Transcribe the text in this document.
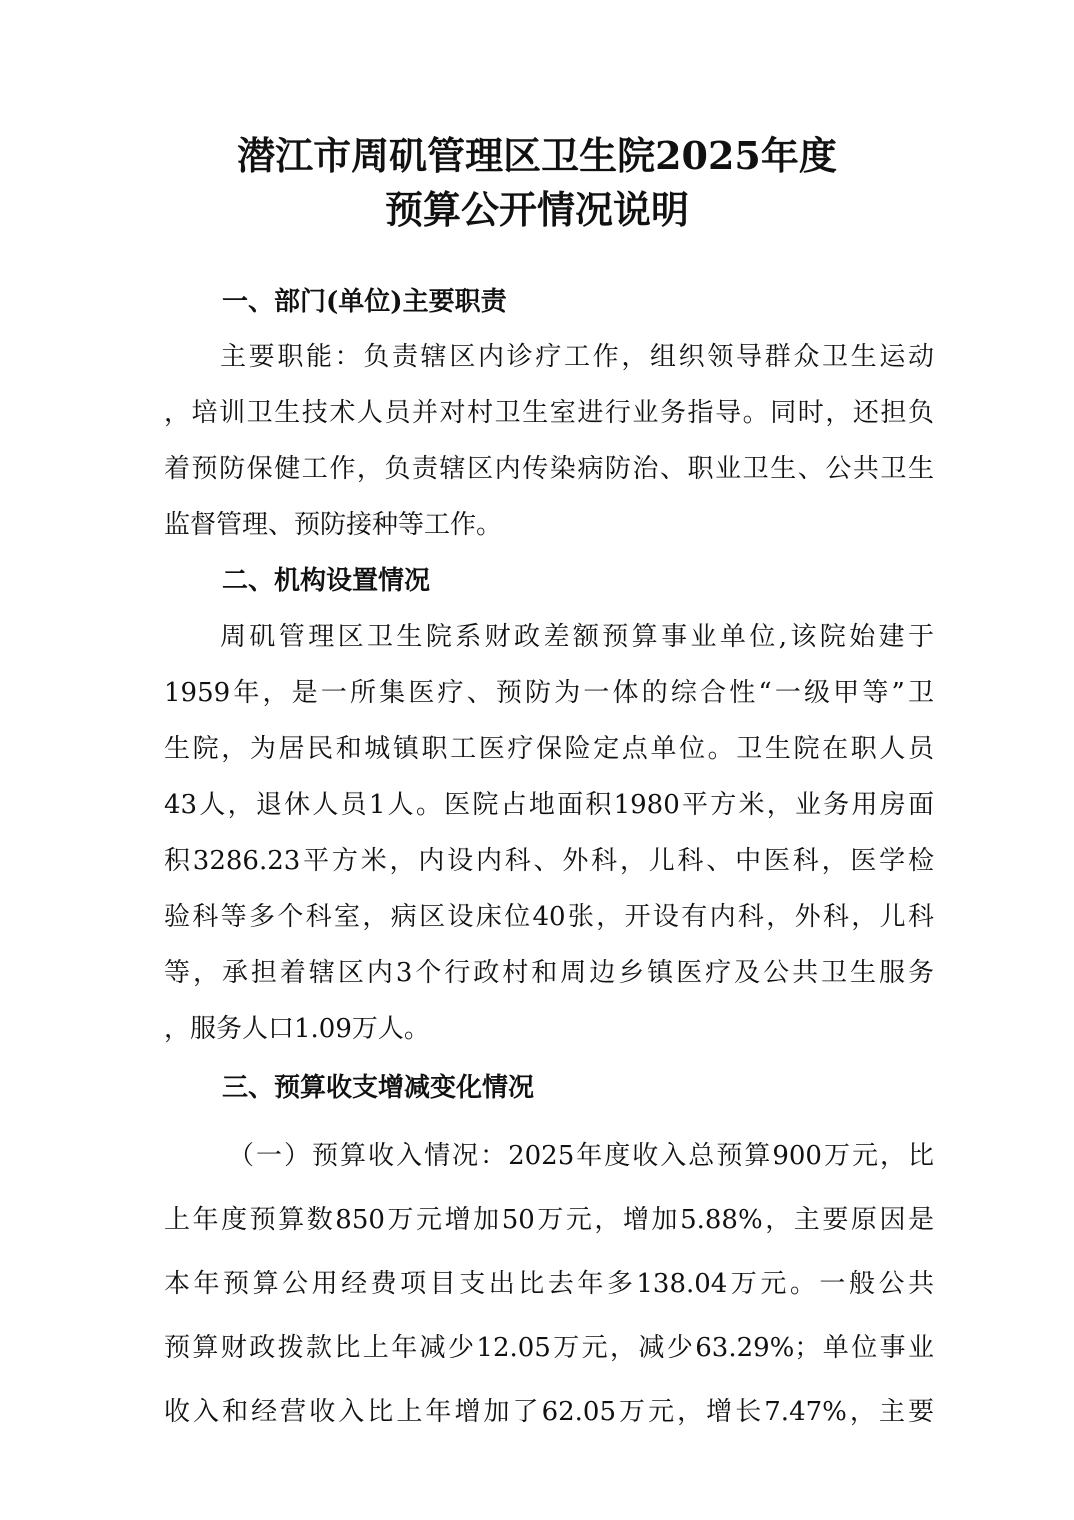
潜江市周矶管理区卫生院2025年度
预算公开情况说明
一、部门(单位)主要职责

主要职能：负责辖区内诊疗工作，组织领导群众卫生运动

，培训卫生技术人员并对村卫生室进行业务指导。同时，还担负

着预防保健工作，负责辖区内传染病防治、职业卫生、公共卫生

监督管理、预防接种等工作。

二、机构设置情况

周矶管理区卫生院系财政差额预算事业单位,该院始建于

1959年，是一所集医疗、预防为一体的综合性“一级甲等”卫

生院，为居民和城镇职工医疗保险定点单位。卫生院在职人员

43人，退休人员1人。医院占地面积1980平方米，业务用房面

积3286.23平方米，内设内科、外科，儿科、中医科，医学检

验科等多个科室，病区设床位40张，开设有内科，外科，儿科

等，承担着辖区内3个行政村和周边乡镇医疗及公共卫生服务

，服务人口1.09万人。

三、预算收支增减变化情况

（一）预算收入情况：2025年度收入总预算900万元，比

上年度预算数850万元增加50万元，增加5.88%，主要原因是

本年预算公用经费项目支出比去年多138.04万元。一般公共

预算财政拨款比上年减少12.05万元，减少63.29%；单位事业

收入和经营收入比上年增加了62.05万元，增长7.47%，主要
